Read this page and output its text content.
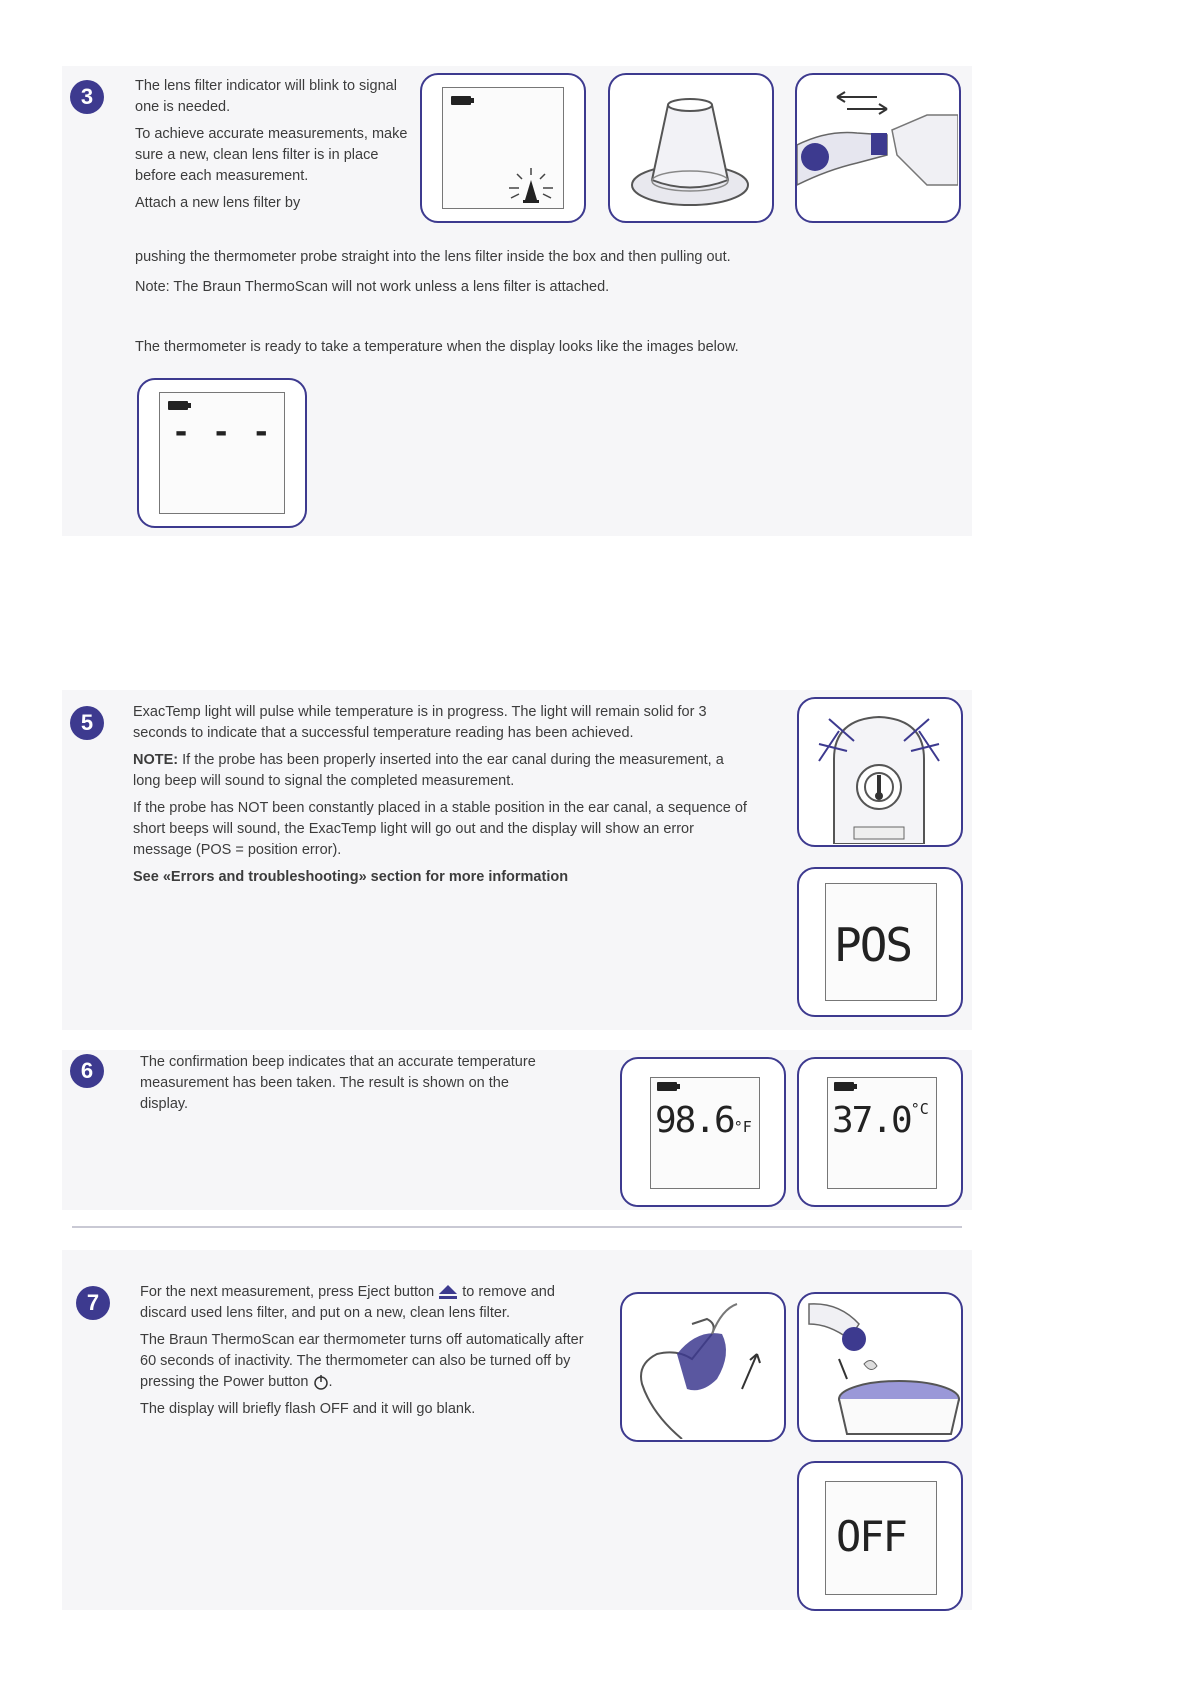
3	The lens filter indicator will blink to signal one is needed.

To achieve accurate measurements, make sure a new, clean lens filter is in place before each measurement.

Attach a new lens filter by

pushing the thermometer probe straight into the lens filter inside the box and then pulling out.
Note: The Braun ThermoScan will not work unless a lens filter is attached.
The thermometer is ready to take a temperature when the display looks like the images below.
- - -
5	ExacTemp light will pulse while temperature is in progress. The light will remain solid for 3 seconds to indicate that a successful temperature reading has been achieved.

NOTE: If the probe has been properly inserted into the ear canal during the measurement, a long beep will sound to signal the completed measurement.

If the probe has NOT been constantly placed in a stable position in the ear canal, a sequence of short beeps will sound, the ExacTemp light will go out and the display will show an error message (POS = position error).

See «Errors and troubleshooting» section for more information

POS
6	The confirmation beep indicates that an accurate temperature measurement has been taken. The result is shown on the display.	98.6°F $37.0^{^\circ C}$
7	For the next measurement, press Eject button to remove and discard used lens filter, and put on a new, clean lens filter.

The Braun ThermoScan ear thermometer turns off automatically after 60 seconds of inactivity. The thermometer can also be turned off by pressing the Power button .

The display will briefly flash OFF and it will go blank.

OFF
